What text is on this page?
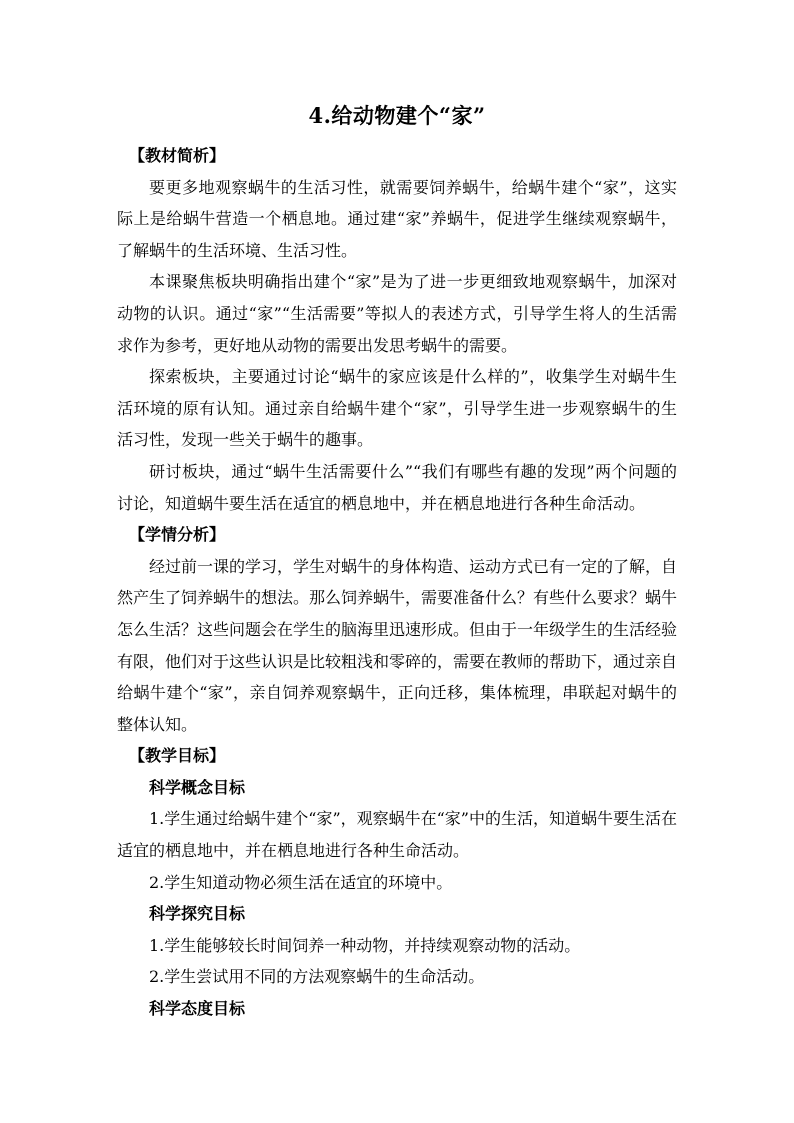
4.给动物建个“家”

【教材简析】

要更多地观察蜗牛的生活习性，就需要饲养蜗牛，给蜗牛建个“家”，这实际上是给蜗牛营造一个栖息地。通过建“家”养蜗牛，促进学生继续观察蜗牛，了解蜗牛的生活环境、生活习性。

本课聚焦板块明确指出建个“家”是为了进一步更细致地观察蜗牛，加深对动物的认识。通过“家”“生活需要”等拟人的表述方式，引导学生将人的生活需求作为参考，更好地从动物的需要出发思考蜗牛的需要。

探索板块，主要通过讨论“蜗牛的家应该是什么样的”，收集学生对蜗牛生活环境的原有认知。通过亲自给蜗牛建个“家”，引导学生进一步观察蜗牛的生活习性，发现一些关于蜗牛的趣事。

研讨板块，通过“蜗牛生活需要什么”“我们有哪些有趣的发现”两个问题的讨论，知道蜗牛要生活在适宜的栖息地中，并在栖息地进行各种生命活动。

【学情分析】

经过前一课的学习，学生对蜗牛的身体构造、运动方式已有一定的了解，自然产生了饲养蜗牛的想法。那么饲养蜗牛，需要准备什么？有些什么要求？蜗牛怎么生活？这些问题会在学生的脑海里迅速形成。但由于一年级学生的生活经验有限，他们对于这些认识是比较粗浅和零碎的，需要在教师的帮助下，通过亲自给蜗牛建个“家”，亲自饲养观察蜗牛，正向迁移，集体梳理，串联起对蜗牛的整体认知。

【教学目标】

科学概念目标

1.学生通过给蜗牛建个“家”，观察蜗牛在“家”中的生活，知道蜗牛要生活在适宜的栖息地中，并在栖息地进行各种生命活动。

2.学生知道动物必须生活在适宜的环境中。

科学探究目标

1.学生能够较长时间饲养一种动物，并持续观察动物的活动。

2.学生尝试用不同的方法观察蜗牛的生命活动。

科学态度目标
